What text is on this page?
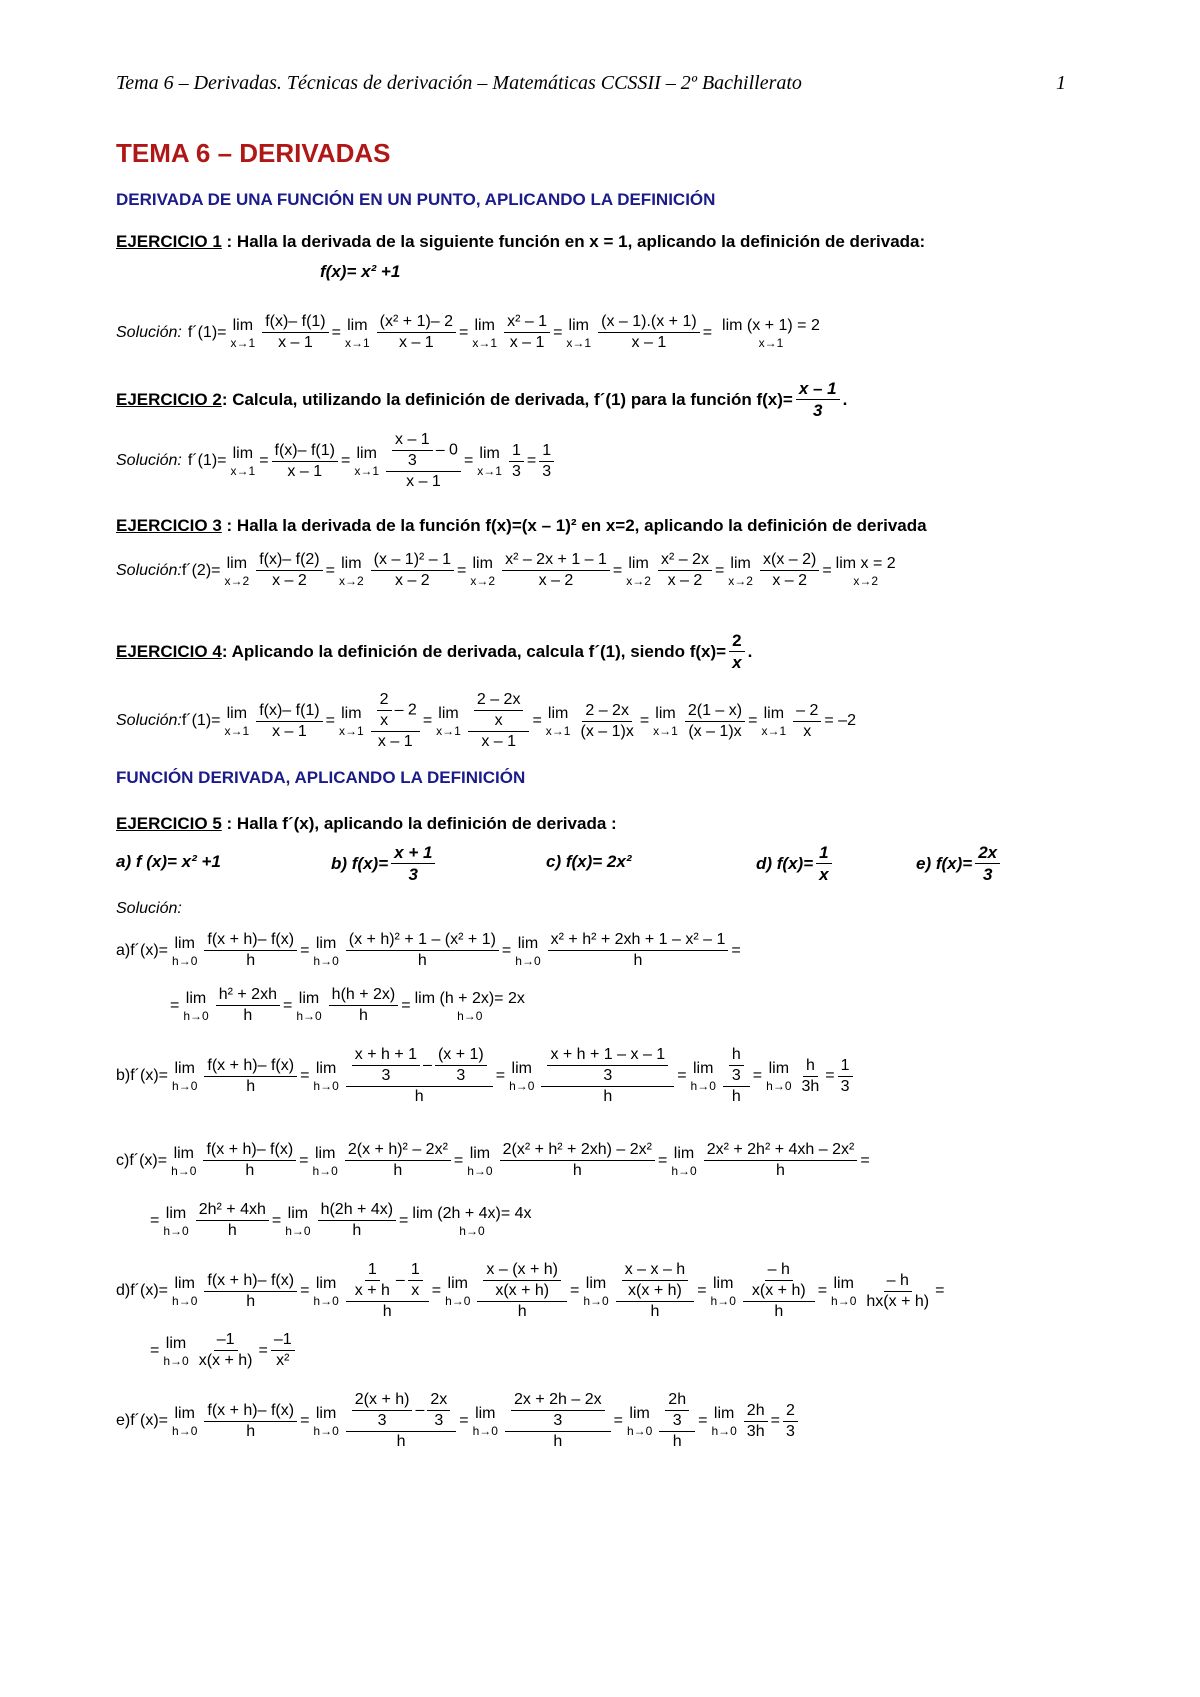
Tema 6 – Derivadas. Técnicas de derivación – Matemáticas CCSSII – 2º Bachillerato	1
TEMA 6 – DERIVADAS
DERIVADA DE UNA FUNCIÓN EN UN PUNTO, APLICANDO LA DEFINICIÓN
EJERCICIO 1 : Halla la derivada de la siguiente función en x = 1, aplicando la definición de derivada:
f(x)= x² +1
Solución: f´(1)= lim
$x\to 1 \frac{f(x)- f(1)}{x - 1} = \lim$
$x\to 1 \frac{\text{(x² + 1)– 2}}{x - 1} = \lim$
$x\to 1 \frac{\text{x² – 1}}{x - 1} = \lim$
$x\to 1 \frac{(x - 1).(x + 1)}{x - 1} = \lim (x + 1) = 2$
x→1
EJERCICIO 2 : Calcula, utilizando la definición de derivada, f´(1) para la función $f(x)= \frac{x - 1}{3}$ .
Solución: f´(1)= lim
x→1
= $\frac{f(x)- f(1)}{x - 1} = \lim$
$x\to 1 \frac{\frac{x - 1}{3} - 0}{x - 1} = \lim$
$x\to 1 \frac{1}{3} = \frac{1}{3}$
EJERCICIO 3 : Halla la derivada de la función f(x)=(x – 1)² en x=2, aplicando la definición de derivada
Solución: f´(2)= lim
$x\to 2 \frac{f(x)- f(2)}{x - 2} = \lim$
$x\to 2 \frac{\text{(x – 1)² – 1}}{x - 2} = \lim$
$x\to 2 \frac{\text{x² – 2x + 1 – 1}}{x - 2} = \lim$
$x\to 2 \frac{\text{x² – 2x}}{x - 2} = \lim$
$x\to 2 \frac{x(x - 2)}{x - 2} = \lim x = 2$
x→2
EJERCICIO 4 : Aplicando la definición de derivada, calcula f´(1), siendo $f(x)= \frac{2}{x}$ .
Solución: f´(1)= lim
$x\to 1 \frac{f(x)- f(1)}{x - 1} = \lim$
$x\to 1 \frac{\frac{2}{x} - 2}{x - 1} = \lim$
$x\to 1 \frac{\frac{2 - 2x}{x}}{x - 1} = \lim$
$x\to 1 \frac{2 - 2x}{(x - 1)x} = \lim$
$x\to 1 \frac{2(1 - x)}{(x - 1)x} = \lim$
$x\to 1 \frac{- 2}{x} = -2$
FUNCIÓN DERIVADA, APLICANDO LA DEFINICIÓN
EJERCICIO 5 : Halla f´(x), aplicando la definición de derivada :
a) f (x)= x² +1	b) $f(x)= \frac{x + 1}{3}$	c) f(x)= 2x²	d) $f(x)= \frac{1}{x}$	e) $f(x)= \frac{2x}{3}$
Solución:
a) f´(x)= lim
$h\to 0 \frac{f(x + h)- f(x)}{h} = \lim$
$h\to 0 \frac{\text{(x + h)² + 1 – (x² + 1)}}{h} = \lim$
$h\to 0 \frac{\text{x² + h² + 2xh + 1 – x² – 1}}{h}$ =
= lim
$h\to 0 \frac{\text{h² + 2xh}}{h} = \lim$
$h\to 0 \frac{h(h + 2x)}{h} = \lim (h + 2x)= 2x$
h→0
b) f´(x)= lim
$h\to 0 \frac{f(x + h)- f(x)}{h} = \lim$
$h\to 0 \frac{\frac{x + h + 1}{3} - \frac{(x + 1)}{3}}{h} = \lim$
$h\to 0 \frac{\frac{x + h + 1 - x - 1}{3}}{h} = \lim$
$h\to 0 \frac{\frac{h}{3}}{h} = \lim$
$h\to 0 \frac{h}{3h} = \frac{1}{3}$
c) f´(x)= lim
$h\to 0 \frac{f(x + h)- f(x)}{h} = \lim$
$h\to 0 \frac{\text{2(x + h)² – 2x²}}{h} = \lim$
$h\to 0 \frac{\text{2(x² + h² + 2xh) – 2x²}}{h} = \lim$
$h\to 0 \frac{\text{2x² + 2h² + 4xh – 2x²}}{h}$ =
= lim
$h\to 0 \frac{\text{2h² + 4xh}}{h} = \lim$
$h\to 0 \frac{h(2h + 4x)}{h} = \lim (2h + 4x)= 4x$
h→0
d) f´(x)= lim
$h\to 0 \frac{f(x + h)- f(x)}{h} = \lim$
$h\to 0 \frac{\frac{1}{x + h} - \frac{1}{x}}{h} = \lim$
$h\to 0 \frac{\frac{x - (x + h)}{x(x + h)}}{h} = \lim$
$h\to 0 \frac{\frac{x - x - h}{x(x + h)}}{h} = \lim$
$h\to 0 \frac{\frac{- h}{x(x + h)}}{h} = \lim$
$h\to 0 \frac{- h}{hx(x + h)}$ =
= lim
$h\to 0 \frac{-1}{x(x + h)} = \frac{-1}{\text{x²}}$
e) f´(x)= lim
$h\to 0 \frac{f(x + h)- f(x)}{h} = \lim$
$h\to 0 \frac{\frac{2(x + h)}{3} - \frac{2x}{3}}{h} = \lim$
$h\to 0 \frac{\frac{2x + 2h - 2x}{3}}{h} = \lim$
$h\to 0 \frac{\frac{2h}{3}}{h} = \lim$
$h\to 0 \frac{2h}{3h} = \frac{2}{3}$
